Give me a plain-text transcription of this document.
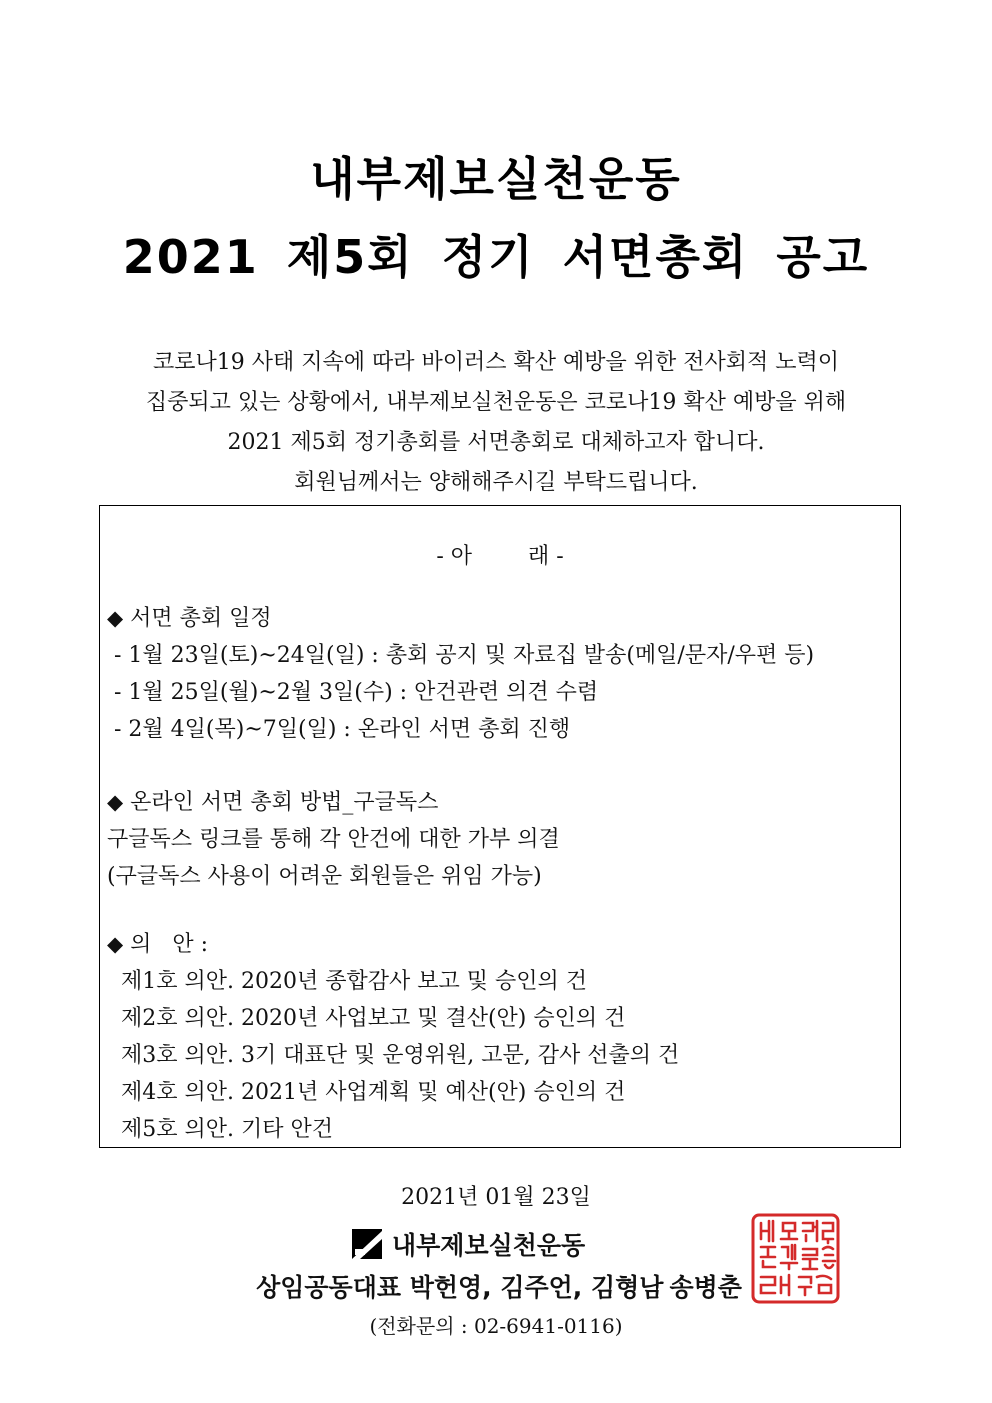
내부제보실천운동
2021 제5회 정기 서면총회 공고
코로나19 사태 지속에 따라 바이러스 확산 예방을 위한 전사회적 노력이
집중되고 있는 상황에서, 내부제보실천운동은 코로나19 확산 예방을 위해
2021 제5회 정기총회를 서면총회로 대체하고자 합니다.
회원님께서는 양해해주시길 부탁드립니다.
- 아        래 -
◆ 서면 총회 일정
- 1월 23일(토)~24일(일) : 총회 공지 및 자료집 발송(메일/문자/우편 등)
- 1월 25일(월)~2월 3일(수) : 안건관련 의견 수렴
- 2월 4일(목)~7일(일) : 온라인 서면 총회 진행
◆ 온라인 서면 총회 방법_구글독스
구글독스 링크를 통해 각 안건에 대한 가부 의결
(구글독스 사용이 어려운 회원들은 위임 가능)
◆ 의   안 :
제1호 의안. 2020년 종합감사 보고 및 승인의 건
제2호 의안. 2020년 사업보고 및 결산(안) 승인의 건
제3호 의안. 3기 대표단 및 운영위원, 고문, 감사 선출의 건
제4호 의안. 2021년 사업계획 및 예산(안) 승인의 건
제5호 의안. 기타 안건
2021년 01월 23일
내부제보실천운동
상임공동대표 박헌영, 김주언, 김형남 송병춘
(전화문의 : 02-6941-0116)
